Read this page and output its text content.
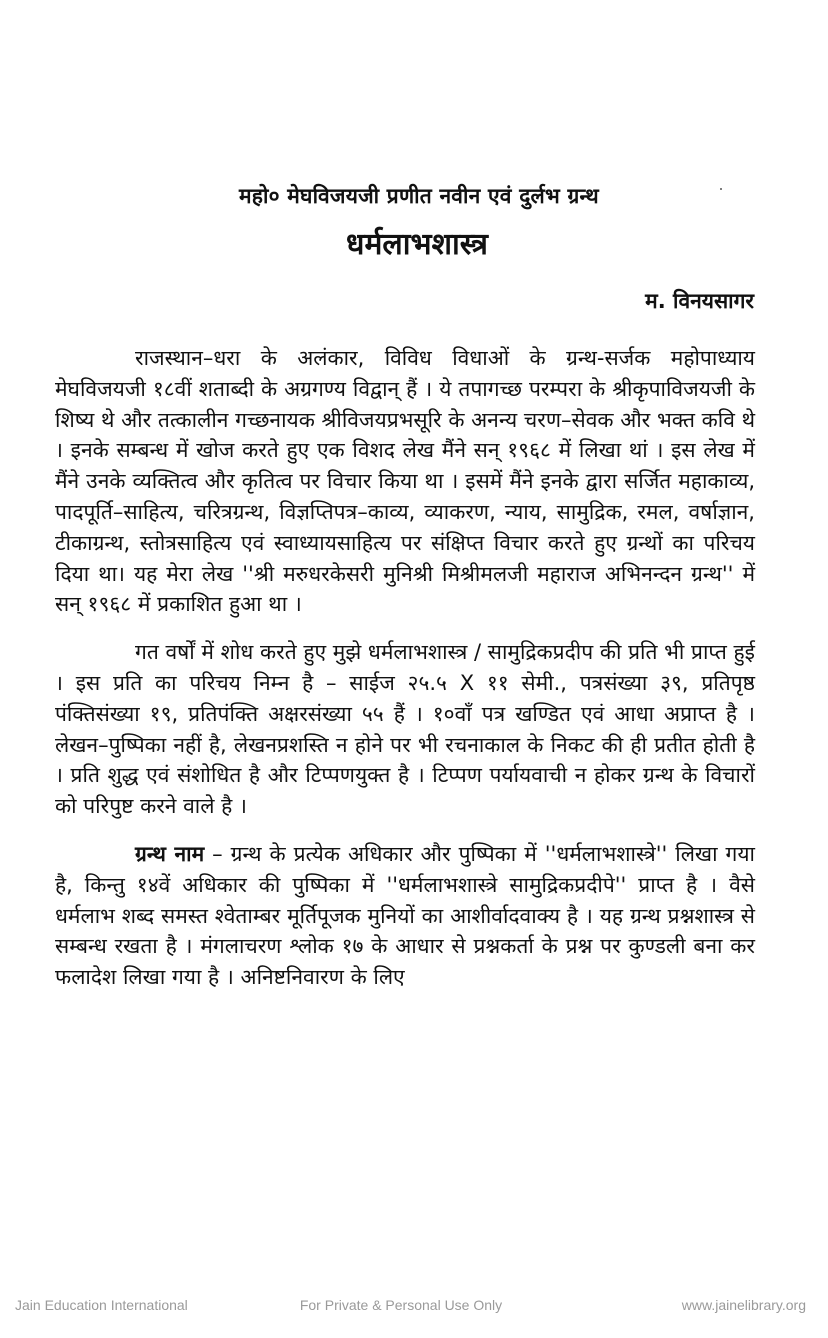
महो० मेघविजयजी प्रणीत नवीन एवं दुर्लभ ग्रन्थ
धर्मलाभशास्त्र
म. विनयसागर

राजस्थान–धरा के अलंकार, विविध विधाओं के ग्रन्थ-सर्जक महोपाध्याय मेघविजयजी १८वीं शताब्दी के अग्रगण्य विद्वान् हैं । ये तपागच्छ परम्परा के श्रीकृपाविजयजी के शिष्य थे और तत्कालीन गच्छनायक श्रीविजयप्रभसूरि के अनन्य चरण–सेवक और भक्त कवि थे । इनके सम्बन्ध में खोज करते हुए एक विशद लेख मैंने सन् १९६८ में लिखा थां । इस लेख में मैंने उनके व्यक्तित्व और कृतित्व पर विचार किया था । इसमें मैंने इनके द्वारा सर्जित महाकाव्य, पादपूर्ति–साहित्य, चरित्रग्रन्थ, विज्ञप्तिपत्र–काव्य, व्याकरण, न्याय, सामुद्रिक, रमल, वर्षाज्ञान, टीकाग्रन्थ, स्तोत्रसाहित्य एवं स्वाध्यायसाहित्य पर संक्षिप्त विचार करते हुए ग्रन्थों का परिचय दिया था। यह मेरा लेख ''श्री मरुधरकेसरी मुनिश्री मिश्रीमलजी महाराज अभिनन्दन ग्रन्थ'' में सन् १९६८ में प्रकाशित हुआ था ।

गत वर्षों में शोध करते हुए मुझे धर्मलाभशास्त्र / सामुद्रिकप्रदीप की प्रति भी प्राप्त हुई । इस प्रति का परिचय निम्न है – साईज २५.५ X ११ सेमी., पत्रसंख्या ३९, प्रतिपृष्ठ पंक्तिसंख्या १९, प्रतिपंक्ति अक्षरसंख्या ५५ हैं । १०वाँ पत्र खण्डित एवं आधा अप्राप्त है । लेखन–पुष्पिका नहीं है, लेखनप्रशस्ति न होने पर भी रचनाकाल के निकट की ही प्रतीत होती है । प्रति शुद्ध एवं संशोधित है और टिप्पणयुक्त है । टिप्पण पर्यायवाची न होकर ग्रन्थ के विचारों को परिपुष्ट करने वाले है ।

ग्रन्थ नाम – ग्रन्थ के प्रत्येक अधिकार और पुष्पिका में ''धर्मलाभशास्त्रे'' लिखा गया है, किन्तु १४वें अधिकार की पुष्पिका में ''धर्मलाभशास्त्रे सामुद्रिकप्रदीपे'' प्राप्त है । वैसे धर्मलाभ शब्द समस्त श्वेताम्बर मूर्तिपूजक मुनियों का आशीर्वादवाक्य है । यह ग्रन्थ प्रश्नशास्त्र से सम्बन्ध रखता है । मंगलाचरण श्लोक १७ के आधार से प्रश्नकर्ता के प्रश्न पर कुण्डली बना कर फलादेश लिखा गया है । अनिष्टनिवारण के लिए

Jain Education International	For Private & Personal Use Only	www.jainelibrary.org
